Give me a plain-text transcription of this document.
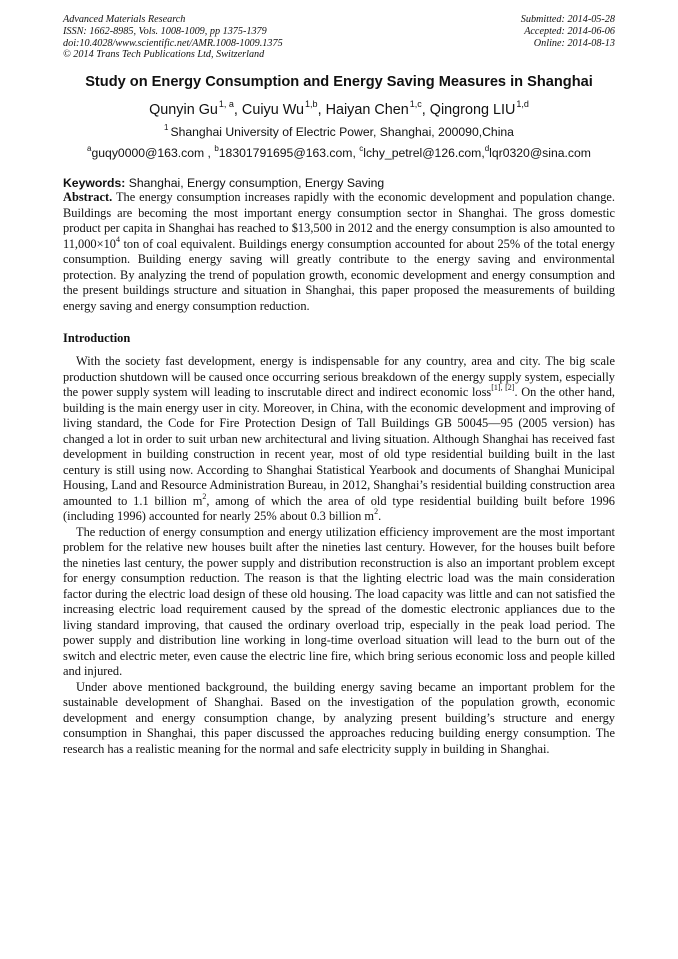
Advanced Materials Research
ISSN: 1662-8985, Vols. 1008-1009, pp 1375-1379
doi:10.4028/www.scientific.net/AMR.1008-1009.1375
© 2014 Trans Tech Publications Ltd, Switzerland
Submitted: 2014-05-28
Accepted: 2014-06-06
Online: 2014-08-13
Study on Energy Consumption and Energy Saving Measures in Shanghai
Qunyin Gu$^{1, a}$, Cuiyu Wu$^{1,b}$, Haiyan Chen$^{1,c}$, Qingrong LIU$^{1,d}$
$^1$ Shanghai University of Electric Power, Shanghai, 200090,China
$^a$guqy0000@163.com , $^b$18301791695@163.com, $^c$lchy_petrel@126.com,$^d$lqr0320@sina.com
Keywords: Shanghai, Energy consumption, Energy Saving

Abstract. The energy consumption increases rapidly with the economic development and population change. Buildings are becoming the most important energy consumption sector in Shanghai. The gross domestic product per capita in Shanghai has reached to $13,500 in 2012 and the energy consumption is also amounted to $11,000\times 10^4$ ton of coal equivalent. Buildings energy consumption accounted for about 25% of the total energy consumption. Building energy saving will greatly contribute to the energy saving and environmental protection. By analyzing the trend of population growth, economic development and energy consumption and the present buildings structure and situation in Shanghai, this paper proposed the measurements of building energy saving and energy consumption reduction.

Introduction

With the society fast development, energy is indispensable for any country, area and city. The big scale production shutdown will be caused once occurring serious breakdown of the energy supply system, especially the power supply system will leading to inscrutable direct and indirect economic loss[1], [2]. On the other hand, building is the main energy user in city. Moreover, in China, with the economic development and improving of living standard, the Code for Fire Protection Design of Tall Buildings GB 50045—95 (2005 version) has changed a lot in order to suit urban new architectural and living situation. Although Shanghai has received fast development in building construction in recent year, most of old type residential building built in the last century is still using now. According to Shanghai Statistical Yearbook and documents of Shanghai Municipal Housing, Land and Resource Administration Bureau, in 2012, Shanghai’s residential building construction area amounted to 1.1 billion $m^2$, among of which the area of old type residential building built before 1996 (including 1996) accounted for nearly 25% about 0.3 billion $m^2$.

The reduction of energy consumption and energy utilization efficiency improvement are the most important problem for the relative new houses built after the nineties last century. However, for the houses built before the nineties last century, the power supply and distribution reconstruction is also an important problem except for energy consumption reduction. The reason is that the lighting electric load was the main consideration factor during the electric load design of these old housing. The load capacity was little and can not satisfied the increasing electric load requirement caused by the spread of the domestic electronic appliances due to the living standard improving, that caused the ordinary overload trip, especially in the peak load period. The power supply and distribution line working in long-time overload situation will lead to the burn out of the switch and electric meter, even cause the electric line fire, which bring serious economic loss and people killed and injured.

Under above mentioned background, the building energy saving became an important problem for the sustainable development of Shanghai. Based on the investigation of the population growth, economic development and energy consumption change, by analyzing present building’s structure and energy consumption in Shanghai, this paper discussed the approaches reducing building energy consumption. The research has a realistic meaning for the normal and safe electricity supply in building in Shanghai.
